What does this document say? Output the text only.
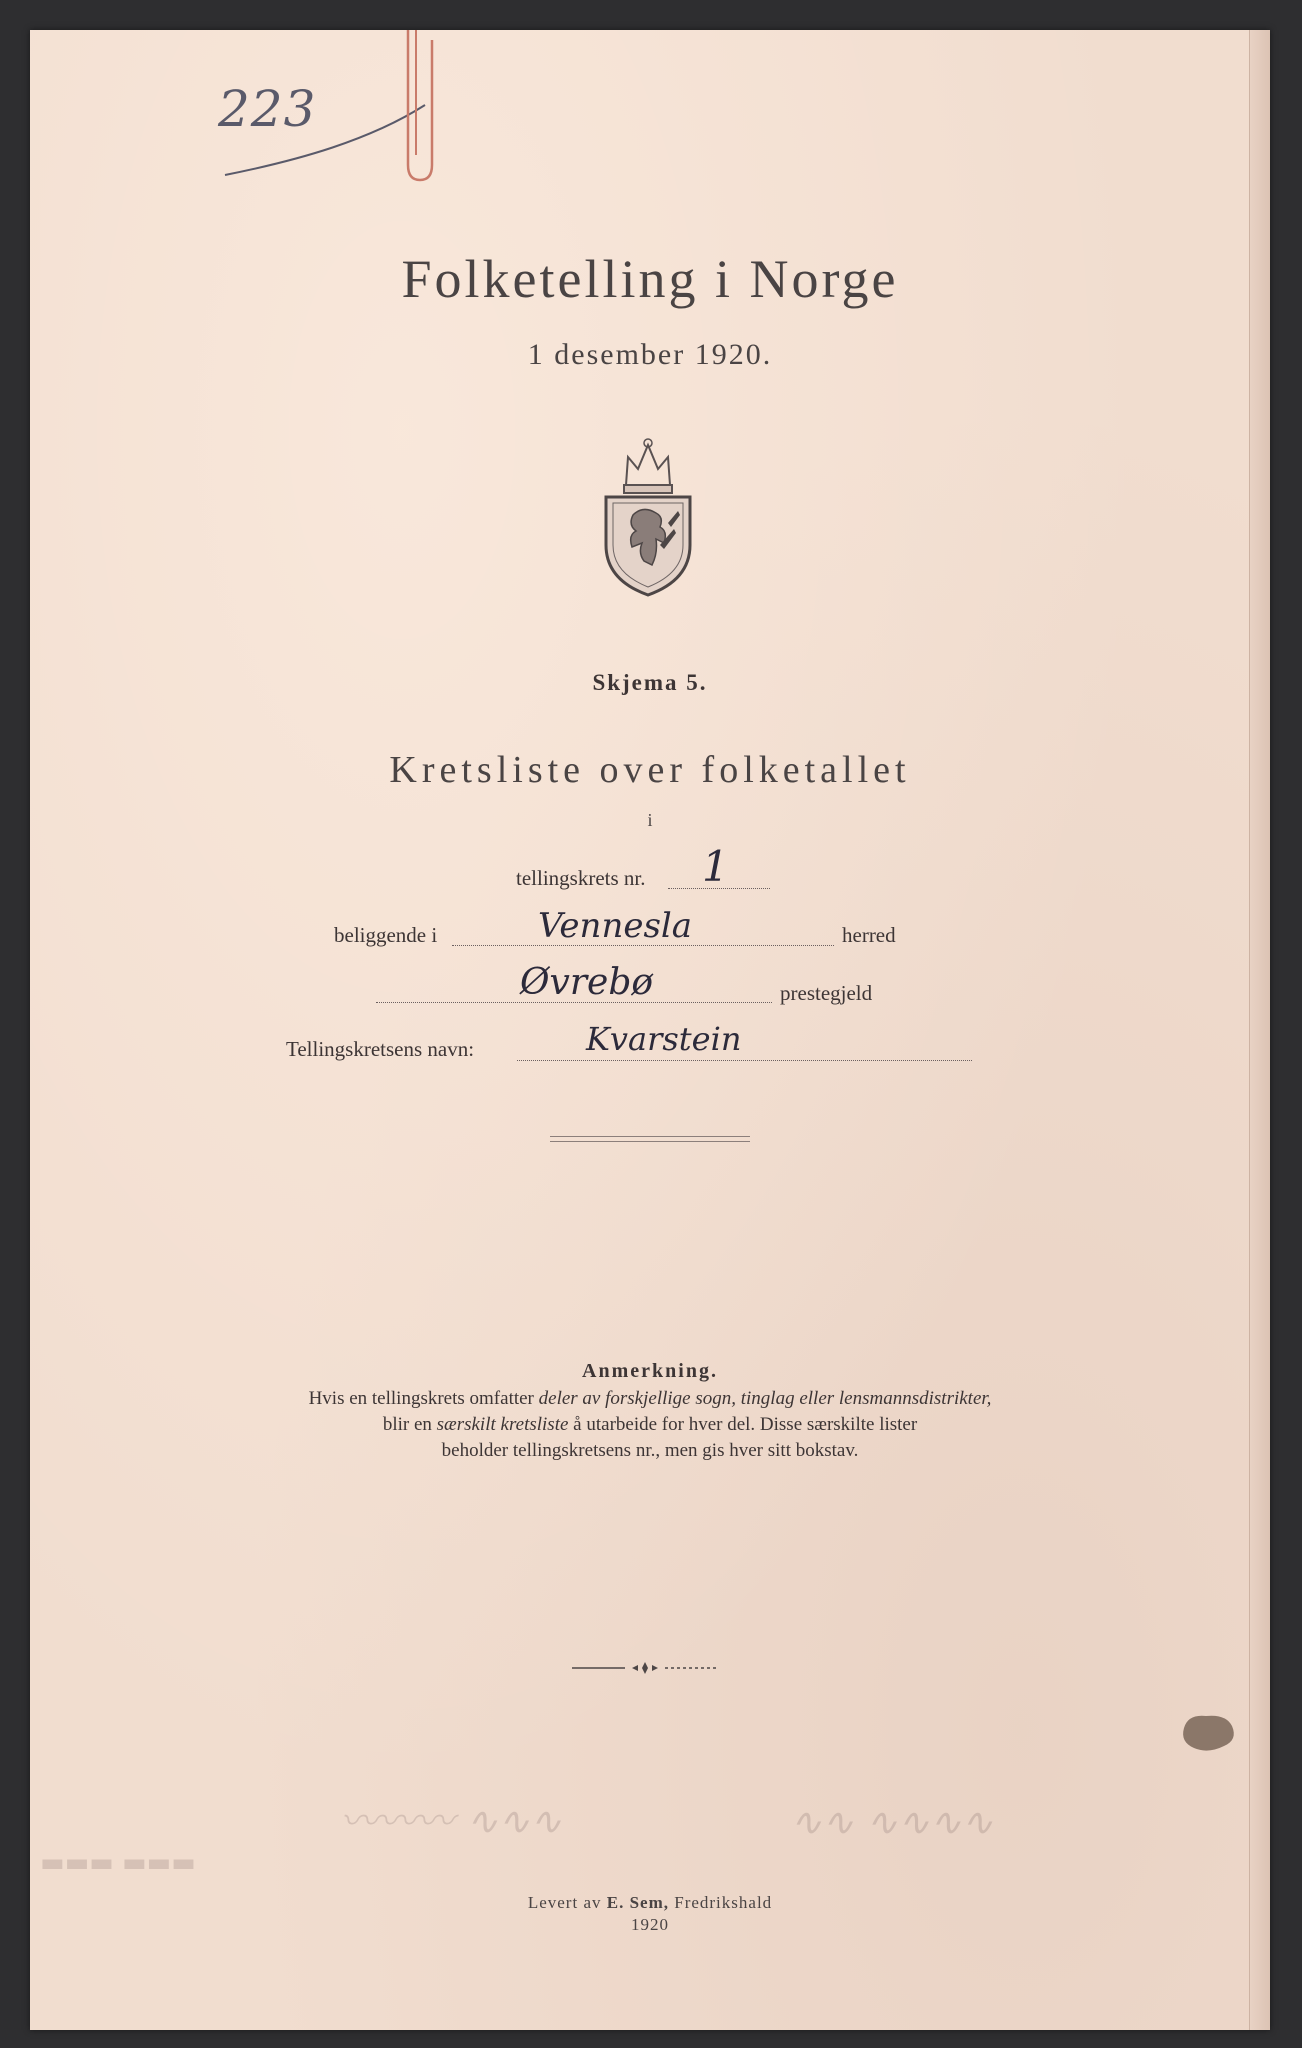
223
Folketelling i Norge
1 desember 1920.
Skjema 5.
Kretsliste over folketallet
i
tellingskrets nr. 1
beliggende i	Vennesla	herred
Øvrebø	prestegjeld
Tellingskretsens navn:	Kvarstein
Anmerkning.
Hvis en tellingskrets omfatter deler av forskjellige sogn, tinglag eller lensmannsdistrikter,
blir en særskilt kretsliste å utarbeide for hver del. Disse særskilte lister
beholder tellingskretsens nr., men gis hver sitt bokstav.
〰〰〰 ∿∿∿	∿∿ ∿∿∿∿
▬▬▬ ▬▬▬
Levert av E. Sem, Fredrikshald
1920
